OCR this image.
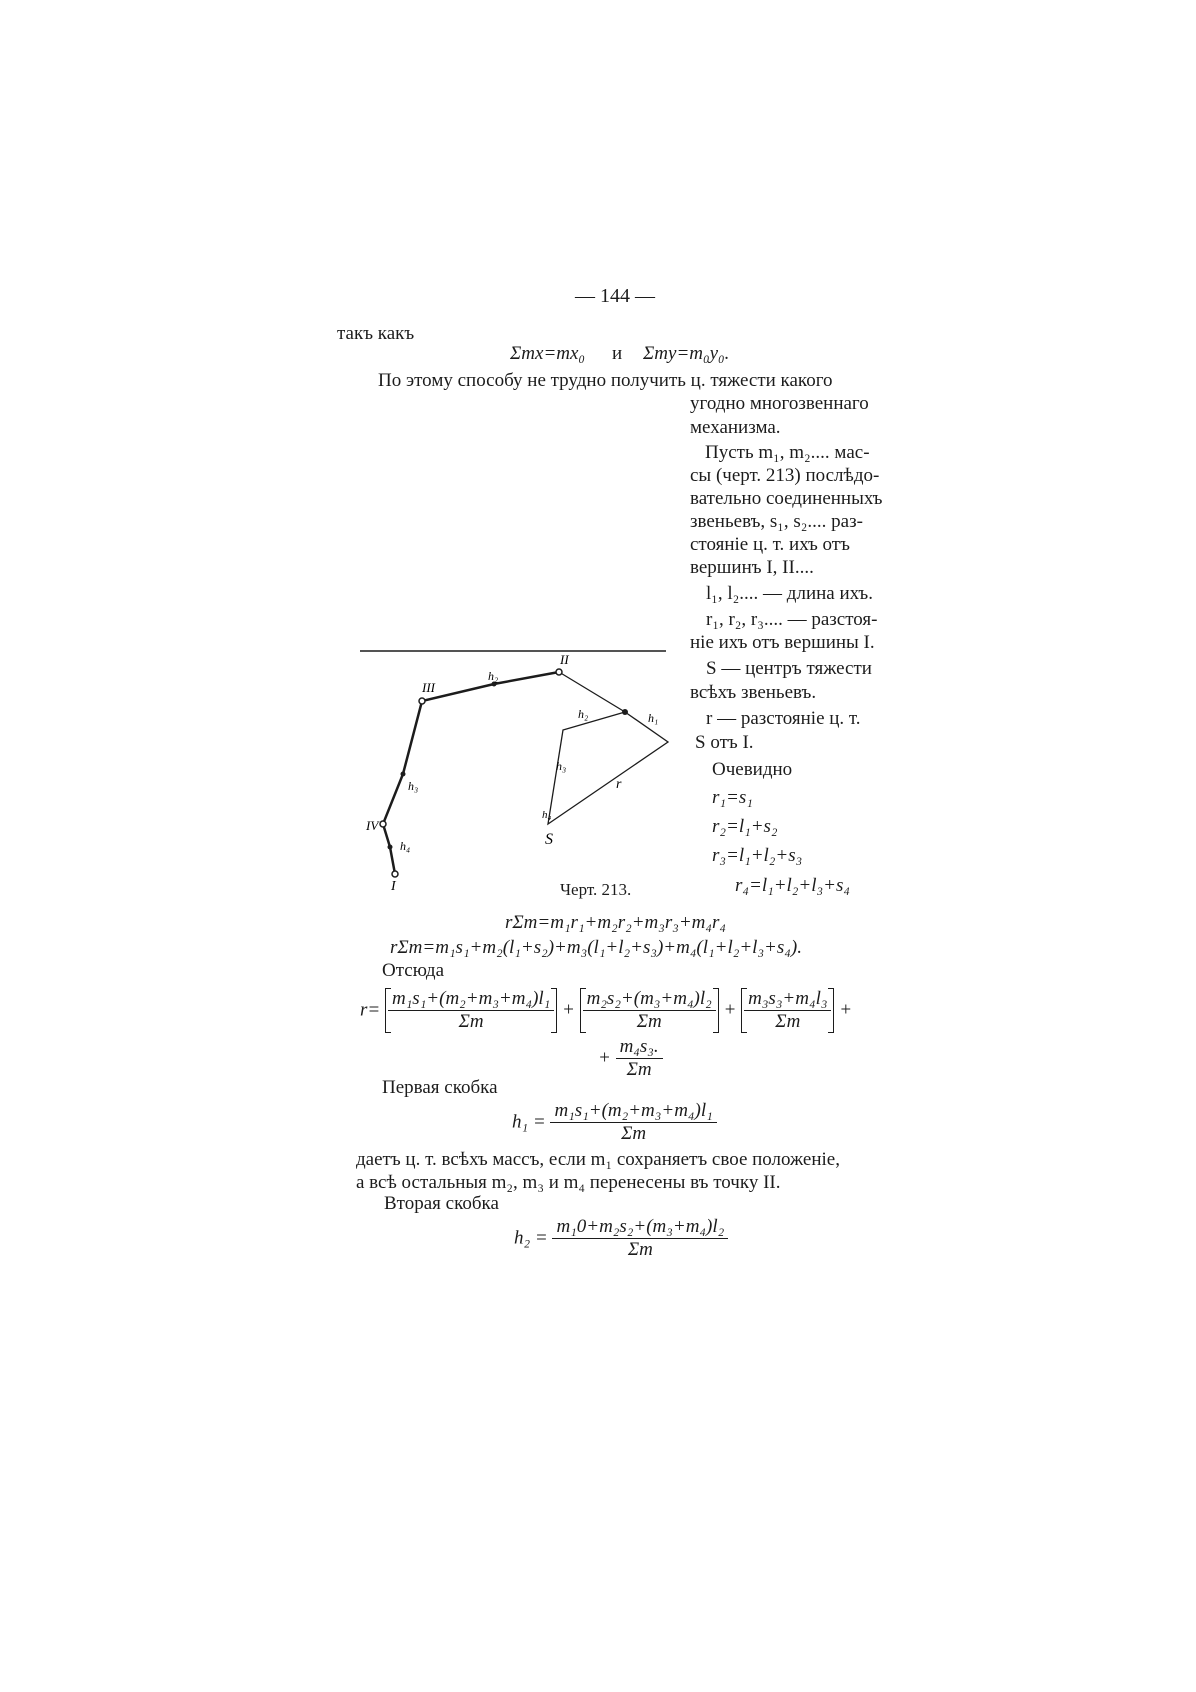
— 144 —
такъ какъ
Σmx=mx₀ и Σmy=m₀y₀.
По этому способу не трудно получить ц. тяжести какого
угодно многозвеннаго
механизма.
Пусть m₁, m₂.... мас-
сы (черт. 213) послѣдо-
вательно соединенныхъ
звеньевъ, s₁, s₂.... раз-
стоянiе ц. т. ихъ отъ
вершинъ I, II....
l₁, l₂.... — длина ихъ.
r₁, r₂, r₃.... — разстоя-
нiе ихъ отъ вершины I.
S — центръ тяжести
всѣхъ звеньевъ.
r — разстоянiе ц. т.
S отъ I.
Очевидно
r₁=s₁
r₂=l₁+s₂
r₃=l₁+l₂+s₃
r₄=l₁+l₂+l₃+s₄
I
IV
III
II
h₄
h₃
h₂
h₁
h₂
h₃
h₄
r
S
Черт. 213.
rΣm=m₁r₁+m₂r₂+m₃r₃+m₄r₄
rΣm=m₁s₁+m₂(l₁+s₂)+m₃(l₁+l₂+s₃)+m₄(l₁+l₂+l₃+s₄).
Отсюда
$r= \frac{\text{m₁s₁+(m₂+m₃+m₄)l₁}}{\Sigma m} + \frac{\text{m₂s₂+(m₃+m₄)l₂}}{\Sigma m} + \frac{\text{m₃s₃+m₄l₃}}{\Sigma m}$ +
+ $\frac{\text{m₄s₃.}}{\Sigma m}$
Первая скобка
$h_1 = \frac{\text{m₁s₁+(m₂+m₃+m₄)l₁}}{\Sigma m}$
даетъ ц. т. всѣхъ массъ, если m₁ сохраняетъ свое положенiе,
а всѣ остальныя m₂, m₃ и m₄ перенесены въ точку II.
Вторая скобка
$h_2 = \frac{\text{m₁0+m₂s₂+(m₃+m₄)l₂}}{\Sigma m}$
